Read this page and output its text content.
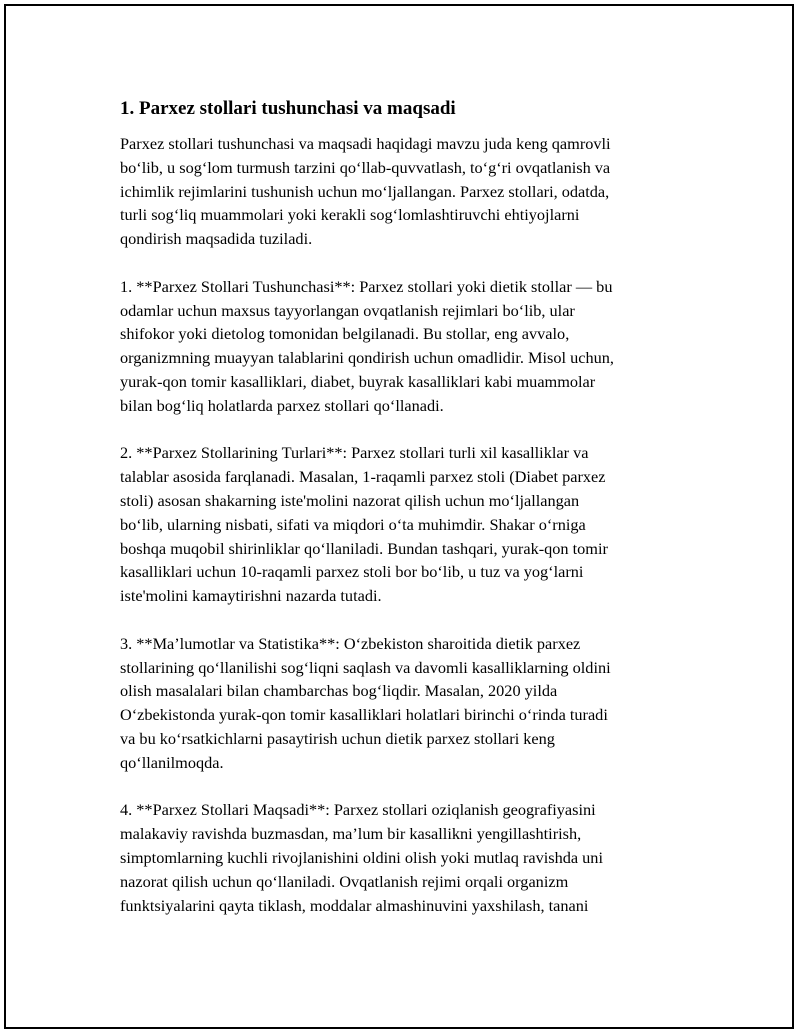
1. Parxez stollari tushunchasi va maqsadi

Parxez stollari tushunchasi va maqsadi haqidagi mavzu juda keng qamrovli
bo‘lib, u sog‘lom turmush tarzini qo‘llab-quvvatlash, to‘g‘ri ovqatlanish va
ichimlik rejimlarini tushunish uchun mo‘ljallangan. Parxez stollari, odatda,
turli sog‘liq muammolari yoki kerakli sog‘lomlashtiruvchi ehtiyojlarni
qondirish maqsadida tuziladi.

1. **Parxez Stollari Tushunchasi**: Parxez stollari yoki dietik stollar — bu
odamlar uchun maxsus tayyorlangan ovqatlanish rejimlari bo‘lib, ular
shifokor yoki dietolog tomonidan belgilanadi. Bu stollar, eng avvalo,
organizmning muayyan talablarini qondirish uchun omadlidir. Misol uchun,
yurak-qon tomir kasalliklari, diabet, buyrak kasalliklari kabi muammolar
bilan bog‘liq holatlarda parxez stollari qo‘llanadi.

2. **Parxez Stollarining Turlari**: Parxez stollari turli xil kasalliklar va
talablar asosida farqlanadi. Masalan, 1-raqamli parxez stoli (Diabet parxez
stoli) asosan shakarning iste'molini nazorat qilish uchun mo‘ljallangan
bo‘lib, ularning nisbati, sifati va miqdori o‘ta muhimdir. Shakar o‘rniga
boshqa muqobil shirinliklar qo‘llaniladi. Bundan tashqari, yurak-qon tomir
kasalliklari uchun 10-raqamli parxez stoli bor bo‘lib, u tuz va yog‘larni
iste'molini kamaytirishni nazarda tutadi.

3. **Ma’lumotlar va Statistika**: O‘zbekiston sharoitida dietik parxez
stollarining qo‘llanilishi sog‘liqni saqlash va davomli kasalliklarning oldini
olish masalalari bilan chambarchas bog‘liqdir. Masalan, 2020 yilda
O‘zbekistonda yurak-qon tomir kasalliklari holatlari birinchi o‘rinda turadi
va bu ko‘rsatkichlarni pasaytirish uchun dietik parxez stollari keng
qo‘llanilmoqda.

4. **Parxez Stollari Maqsadi**: Parxez stollari oziqlanish geografiyasini
malakaviy ravishda buzmasdan, ma’lum bir kasallikni yengillashtirish,
simptomlarning kuchli rivojlanishini oldini olish yoki mutlaq ravishda uni
nazorat qilish uchun qo‘llaniladi. Ovqatlanish rejimi orqali organizm
funktsiyalarini qayta tiklash, moddalar almashinuvini yaxshilash, tanani
